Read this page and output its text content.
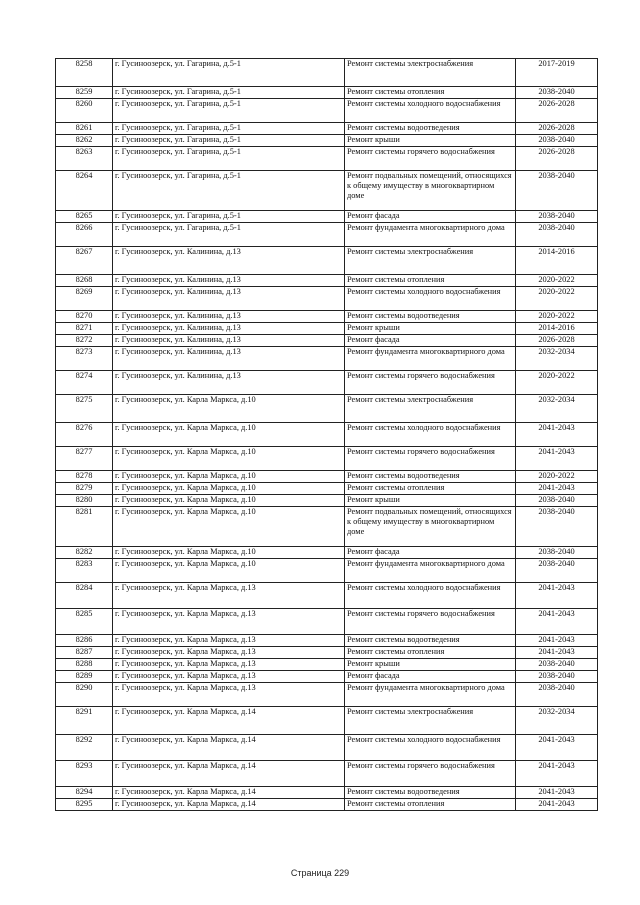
8258	г. Гусиноозерск, ул. Гагарина, д.5-1	Ремонт системы электроснабжения	2017-2019
8259	г. Гусиноозерск, ул. Гагарина, д.5-1	Ремонт системы отопления	2038-2040
8260	г. Гусиноозерск, ул. Гагарина, д.5-1	Ремонт системы холодного водоснабжения	2026-2028
8261	г. Гусиноозерск, ул. Гагарина, д.5-1	Ремонт системы водоотведения	2026-2028
8262	г. Гусиноозерск, ул. Гагарина, д.5-1	Ремонт крыши	2038-2040
8263	г. Гусиноозерск, ул. Гагарина, д.5-1	Ремонт системы горячего водоснабжения	2026-2028
8264	г. Гусиноозерск, ул. Гагарина, д.5-1	Ремонт подвальных помещений, относящихся к общему имуществу в многоквартирном доме	2038-2040
8265	г. Гусиноозерск, ул. Гагарина, д.5-1	Ремонт фасада	2038-2040
8266	г. Гусиноозерск, ул. Гагарина, д.5-1	Ремонт фундамента многоквартирного дома	2038-2040
8267	г. Гусиноозерск, ул. Калинина, д.13	Ремонт системы электроснабжения	2014-2016
8268	г. Гусиноозерск, ул. Калинина, д.13	Ремонт системы отопления	2020-2022
8269	г. Гусиноозерск, ул. Калинина, д.13	Ремонт системы холодного водоснабжения	2020-2022
8270	г. Гусиноозерск, ул. Калинина, д.13	Ремонт системы водоотведения	2020-2022
8271	г. Гусиноозерск, ул. Калинина, д.13	Ремонт крыши	2014-2016
8272	г. Гусиноозерск, ул. Калинина, д.13	Ремонт фасада	2026-2028
8273	г. Гусиноозерск, ул. Калинина, д.13	Ремонт фундамента многоквартирного дома	2032-2034
8274	г. Гусиноозерск, ул. Калинина, д.13	Ремонт системы горячего водоснабжения	2020-2022
8275	г. Гусиноозерск, ул. Карла Маркса, д.10	Ремонт системы электроснабжения	2032-2034
8276	г. Гусиноозерск, ул. Карла Маркса, д.10	Ремонт системы холодного водоснабжения	2041-2043
8277	г. Гусиноозерск, ул. Карла Маркса, д.10	Ремонт системы горячего водоснабжения	2041-2043
8278	г. Гусиноозерск, ул. Карла Маркса, д.10	Ремонт системы водоотведения	2020-2022
8279	г. Гусиноозерск, ул. Карла Маркса, д.10	Ремонт системы отопления	2041-2043
8280	г. Гусиноозерск, ул. Карла Маркса, д.10	Ремонт крыши	2038-2040
8281	г. Гусиноозерск, ул. Карла Маркса, д.10	Ремонт подвальных помещений, относящихся к общему имуществу в многоквартирном доме	2038-2040
8282	г. Гусиноозерск, ул. Карла Маркса, д.10	Ремонт фасада	2038-2040
8283	г. Гусиноозерск, ул. Карла Маркса, д.10	Ремонт фундамента многоквартирного дома	2038-2040
8284	г. Гусиноозерск, ул. Карла Маркса, д.13	Ремонт системы холодного водоснабжения	2041-2043
8285	г. Гусиноозерск, ул. Карла Маркса, д.13	Ремонт системы горячего водоснабжения	2041-2043
8286	г. Гусиноозерск, ул. Карла Маркса, д.13	Ремонт системы водоотведения	2041-2043
8287	г. Гусиноозерск, ул. Карла Маркса, д.13	Ремонт системы отопления	2041-2043
8288	г. Гусиноозерск, ул. Карла Маркса, д.13	Ремонт крыши	2038-2040
8289	г. Гусиноозерск, ул. Карла Маркса, д.13	Ремонт фасада	2038-2040
8290	г. Гусиноозерск, ул. Карла Маркса, д.13	Ремонт фундамента многоквартирного дома	2038-2040
8291	г. Гусиноозерск, ул. Карла Маркса, д.14	Ремонт системы электроснабжения	2032-2034
8292	г. Гусиноозерск, ул. Карла Маркса, д.14	Ремонт системы холодного водоснабжения	2041-2043
8293	г. Гусиноозерск, ул. Карла Маркса, д.14	Ремонт системы горячего водоснабжения	2041-2043
8294	г. Гусиноозерск, ул. Карла Маркса, д.14	Ремонт системы водоотведения	2041-2043
8295	г. Гусиноозерск, ул. Карла Маркса, д.14	Ремонт системы отопления	2041-2043
Страница 229
